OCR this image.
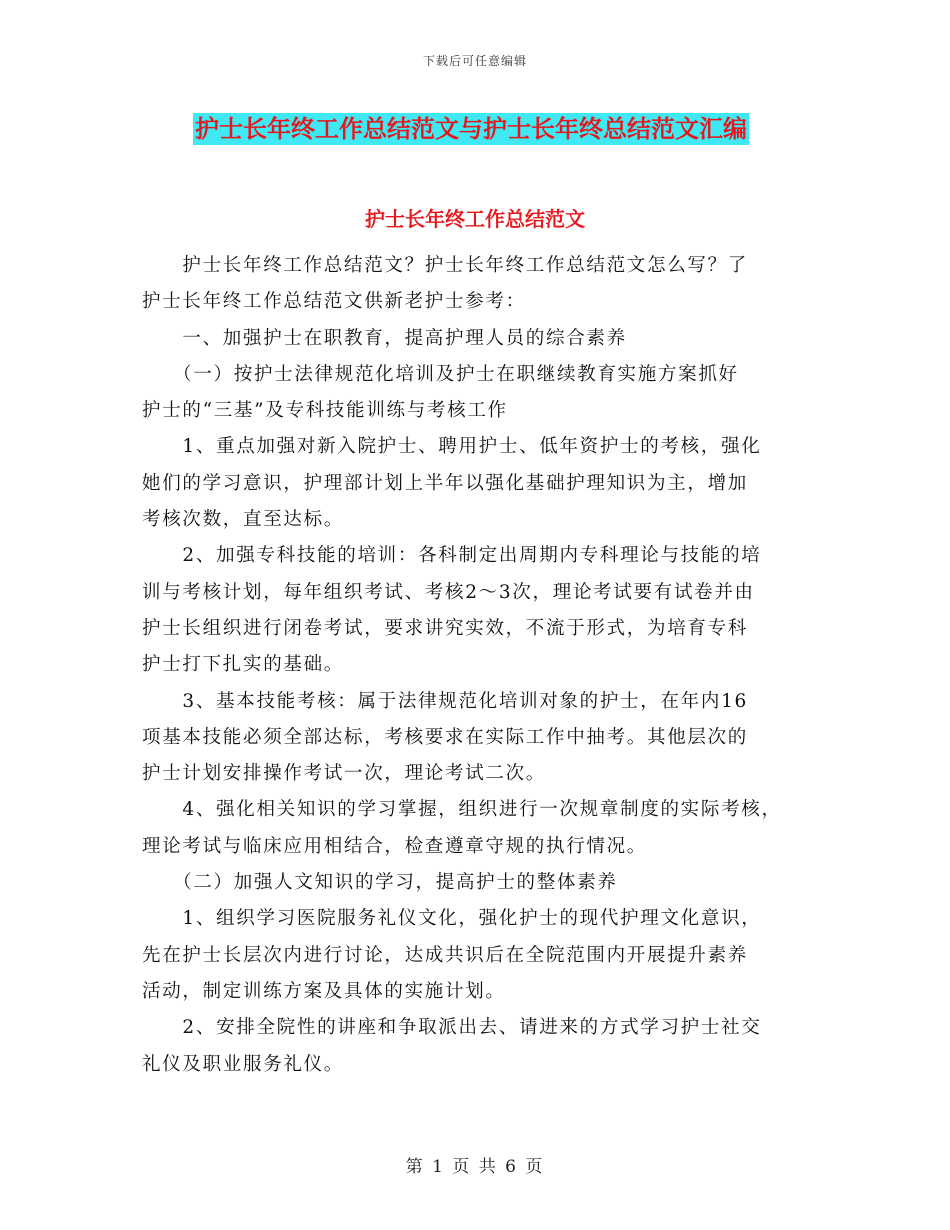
下载后可任意编辑
护士长年终工作总结范文与护士长年终总结范文汇编
护士长年终工作总结范文

　　护士长年终工作总结范文？护士长年终工作总结范文怎么写？了

护士长年终工作总结范文供新老护士参考：

　　一、加强护士在职教育，提高护理人员的综合素养

　　（一）按护士法律规范化培训及护士在职继续教育实施方案抓好

护士的“三基”及专科技能训练与考核工作

　　1、重点加强对新入院护士、聘用护士、低年资护士的考核，强化

她们的学习意识，护理部计划上半年以强化基础护理知识为主，增加

考核次数，直至达标。

　　2、加强专科技能的培训：各科制定出周期内专科理论与技能的培

训与考核计划，每年组织考试、考核2～3次，理论考试要有试卷并由

护士长组织进行闭卷考试，要求讲究实效，不流于形式，为培育专科

护士打下扎实的基础。

　　3、基本技能考核：属于法律规范化培训对象的护士，在年内16

项基本技能必须全部达标，考核要求在实际工作中抽考。其他层次的

护士计划安排操作考试一次，理论考试二次。

　　4、强化相关知识的学习掌握，组织进行一次规章制度的实际考核，

理论考试与临床应用相结合，检查遵章守规的执行情况。

　　（二）加强人文知识的学习，提高护士的整体素养

　　1、组织学习医院服务礼仪文化，强化护士的现代护理文化意识，

先在护士长层次内进行讨论，达成共识后在全院范围内开展提升素养

活动，制定训练方案及具体的实施计划。

　　2、安排全院性的讲座和争取派出去、请进来的方式学习护士社交

礼仪及职业服务礼仪。

第 1 页 共 6 页
